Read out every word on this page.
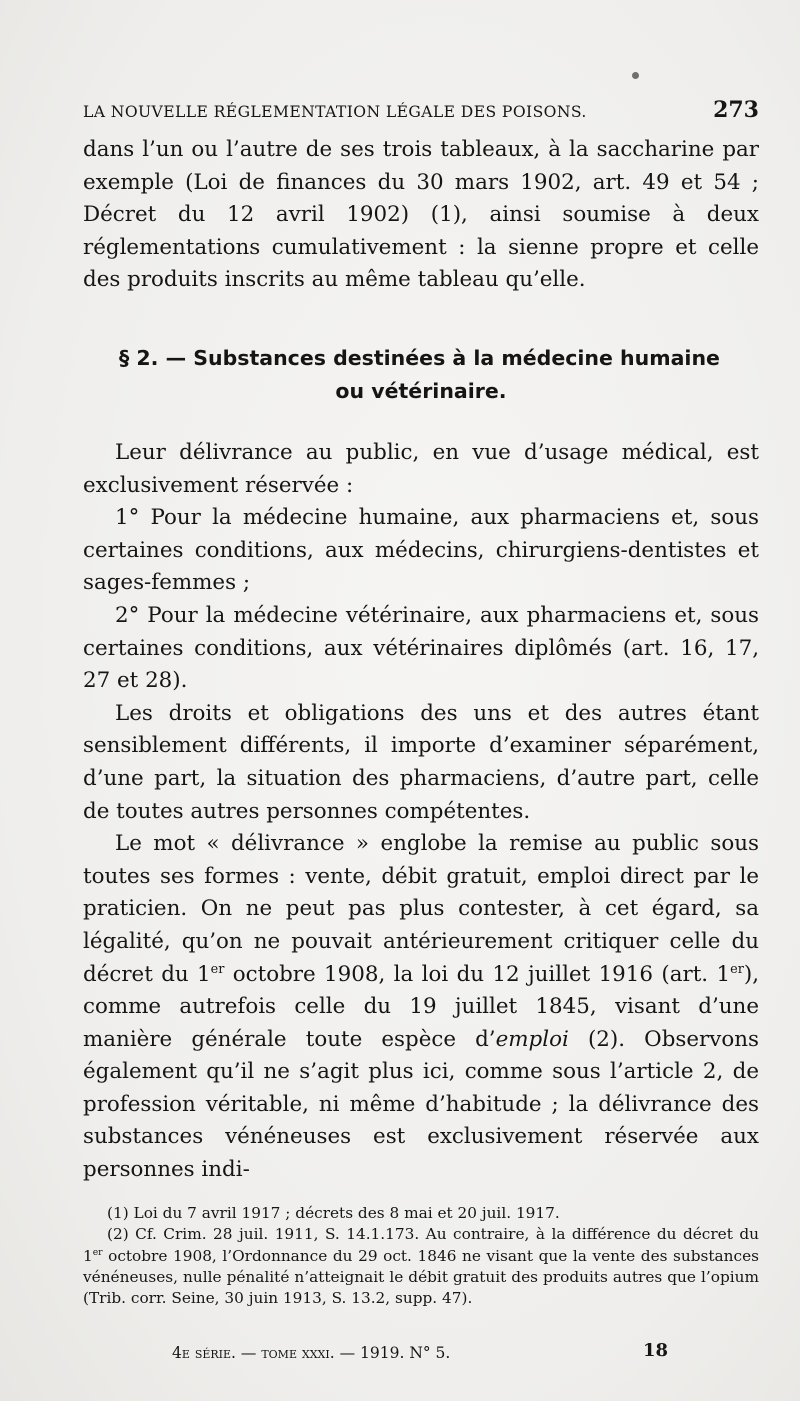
LA NOUVELLE RÉGLEMENTATION LÉGALE DES POISONS.	273

dans l’un ou l’autre de ses trois tableaux, à la saccharine par exemple (Loi de finances du 30 mars 1902, art. 49 et 54 ; Décret du 12 avril 1902) (1), ainsi soumise à deux réglementations cumulativement : la sienne propre et celle des produits inscrits au même tableau qu’elle.

§ 2. — Substances destinées à la médecine humaine
ou vétérinaire.

Leur délivrance au public, en vue d’usage médical, est exclusivement réservée :

1° Pour la médecine humaine, aux pharmaciens et, sous certaines conditions, aux médecins, chirurgiens-dentistes et sages-femmes ;

2° Pour la médecine vétérinaire, aux pharmaciens et, sous certaines conditions, aux vétérinaires diplômés (art. 16, 17, 27 et 28).

Les droits et obligations des uns et des autres étant sensiblement différents, il importe d’examiner séparément, d’une part, la situation des pharmaciens, d’autre part, celle de toutes autres personnes compétentes.

Le mot « délivrance » englobe la remise au public sous toutes ses formes : vente, débit gratuit, emploi direct par le praticien. On ne peut pas plus contester, à cet égard, sa légalité, qu’on ne pouvait antérieurement critiquer celle du décret du 1er octobre 1908, la loi du 12 juillet 1916 (art. 1er), comme autrefois celle du 19 juillet 1845, visant d’une manière générale toute espèce d’emploi (2). Observons également qu’il ne s’agit plus ici, comme sous l’article 2, de profession véritable, ni même d’habitude ; la délivrance des substances vénéneuses est exclusivement réservée aux personnes indi-

(1) Loi du 7 avril 1917 ; décrets des 8 mai et 20 juil. 1917.

(2) Cf. Crim. 28 juil. 1911, S. 14.1.173. Au contraire, à la différence du décret du 1er octobre 1908, l’Ordonnance du 29 oct. 1846 ne visant que la vente des substances vénéneuses, nulle pénalité n’atteignait le débit gratuit des produits autres que l’opium (Trib. corr. Seine, 30 juin 1913, S. 13.2, supp. 47).

4e série. — tome xxxi. — 1919. N° 5.	18
